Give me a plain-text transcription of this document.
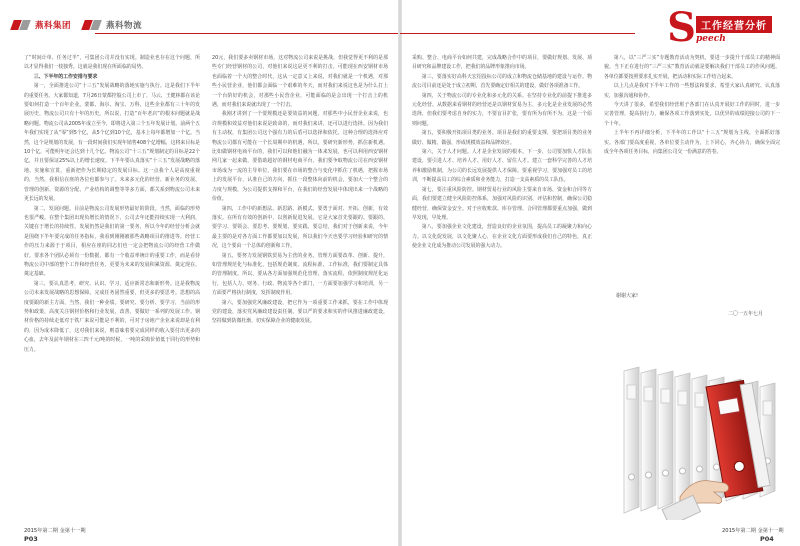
燕科集团	燕科物流

了“时间计单、任务过半”，可集团公司并没有实现。制造业也存在这个问题，所以才显得我们一枝独秀。这就是我们现在所面临的局势。

三、下半年的工作安排与要求

第一，全面推进公司“十三五”发展战略的落地实施与执行。这是我们下半年的重要任务。大家都知道，7月26日蒙都控股公司上市了，马云、王健林都在该论要如何打造一个百年企业。蒙都、海尔、淘宝、万科，这些企业都有三十年的发展历史，物流公司只有十年的历史。所以说，打造“百年老店”的根本问题就是战略问题。物流公司从2005年成立至今，即将进入第三个五年发展计划。前两个五年我们实现了从“零”到5个亿，从5个亿到10个亿，基本上每年都增加一个亿。当然，这个是规划的发展，有一段时间我们实现年销售408个亿增幅，这将来目标是10个亿，可能明年还会达到十几个亿。物流公司“十三五”规划制定的目标是22个亿，并且要保证25%以上的增长速度。下半年要认真落实“十三五”发展战略的落地、实施和宣贯，重新把作为长期稳定的发展目标。这一点我个人是高度重视的，当然，我相信在座的各位也都参与了。未来多元化的经营、新业务的发展、管理的创新、资源的分配、产业结构的调整等等多方面，都关系到物流公司未来更长远的发展。

第二，发展问题。目前是物流公司发展形势最好的阶段。当然，面临的形势也很严峻。在整个集团出现负增长的情况下，公司去年还能持续实现一大利润，关键在于增长的持续性。发展仍然是我们的第一要务，所以今年的经营分析会就是围绕下半年要完成的任务指标，我看到刚刚被那些战略项目的推进等。经营工作的压力来源于于项目，相应在座的同志们也一定会把物流公司的经营工作做好。要求各个团队必须有一份数据，都有一个收益率统计的重要工作，而是看待物流公司中部的整个工作和经营任务，更要为未来的发展积累资源、奠定现在、奠定基础。

第三，要认真思考，研究、认识、学习，适应新常态和新形势。这是我物流公司未来发展战略的思想保障。完成任务固然重要，但更多的要思考。思想的高度要跟的新主方面，当然，我们一种业绩。要研究、要分析、要学习，当前的形势和政策，高度关注钢材价格和行业发展，改善，要做好一系列的发展工作。钢材价格的持续走低对于铁厂来说可能是不利的，可对于房地产企业来说却是有利的，因为成本降低了，这对我们来说，则意味着要完成同样的收入要付出更多的心血，去年及前年钢材在三四千元/吨的时候，一吨的采购价值低于同行的形势和压力。

20元，我们要多卖钢材市场，这对物流公司来说是挑战，但我觉得更不利的是那些专门经营钢材的公司，对他们来说这是更不利的打击。可能现在西安钢材市场也面临着一个大的整合时代，这从一定意义上来说，对我们就是一个机遇，对那些小民营企业，他们都会面临一个艰难的冬天，而对我们来说这也是为什么打上一个台阶好的机会，对那些小民营企业，可能面临的是会出现一个打击上的机遇，而对我们来说就出现了一个打击。

我刚才讲到了一个要规模还是要效益的问题，对那些中小民营企业来说，也许规模和效益对他们来说是致命的，而对我们来讲，还可以进行选择。因为我们有主动权，有集团公司这个强有力的后盾可以选择和依托，这种合理的选择应对物流公司都有可能在一个长周期中的机遇，所以，要研究新形势，抓住新机遇。比如做钢材电商平台的，我们可以和他们融为一体来发展，也可以利用西安钢材网几家一起来做，要借助超好的钢材电商平台，我们要争取物流公司在西安钢材市场成为一流的主导单位，我们要在市场的整合与变化中抓住了机遇，把握市场上的发展平台，认准自己的方向，抓住一段整体向前的机会，要加大一个整合的力度与规模，为公司提供支撑和平台，在我们的经营发展中体现出来一个战略的价值。

第四，工作中的新想法、新思路、新模式。要勇于面对、开拓、创新，有效落实。在所有有效的创新中，以创新促进发展。它是大家首先要跟的、要跟的、要学习、要领会、要思考、要规划、要实践、要总结，我们对于创新来说，今年最主要的是对各方面工作都要加以发展，所以我们今天也要学习经验和研究的情况，这个要由一个总体的创新和工作。

第五，要努力发展钢铁贸易为主营的业务。管理方面要改革、创新、提升，如管理规范化与标准化，包括规范制度、流程标准、工作标准，我们要制定具体的管理制度。所以，要从各方面加强规范化管理，落实流程，依照制度规范化运行，包括人力、财务、行政、物流等各个部门，一方面要加强学习和培训，另一方面要严格执行制度，发挥制度作用。

第六，要加强党风廉政建设，把它作为一项重要工作来抓，要在工作中体现党的建设，落实党风廉政建设责任制。要以严的要求和实的作风推进廉政建设，坚持做到防微杜渐，切实保障企业的健康发展。

2015年第二期 金第十一期
P03
S 工作经营分析
peech

采购、整合、电商平台如何共建，完成战略合作中的项目，要做好规划、发展、项目研究和品牌建设工作，把我们的品牌形象推向市场。

第三，要落实好高科天宏招投标公司的成立和物流仓储基地的建设与运作。物流公司目前还是处于成立初期，首先要确定好相关的建设，做好各项准备工作。

第四，关于物流公司的专业化和多元化的关系。在坚持专业化的前提下推进多元化经营。从数据来看钢材的经营还是以钢材贸易为主，多元化是企业发展的必然选择，但我们要考虑自身的实力，不要盲目扩张，要有所为有所不为，这是一个原则问题。

第五，要积极开拓项目类的业务。项目是我们的重要支撑，要把项目类的业务做好、做精、做强，形成规模效益和品牌效应。

第六，关于人才问题。人才是企业发展的根本。下一步，公司要加快人才队伍建设，要引进人才、培养人才、用好人才、留住人才。建立一套科学完善的人才培养和激励机制，为公司的长远发展提供人才保障。要重视学习，要加强对员工的培训，不断提高员工的综合素质和业务能力，打造一支高素质的员工队伍。

第七，要注重风险防控。钢材贸易行业的风险主要来自市场、资金和合同等方面，我们要建立健全风险防控体系，加强对风险的识别、评估和控制，确保公司稳健经营，确保资金安全。对于应收账款、库存管理、合同管理都要重点加强，做到早发现、早处理。

第八，要加强企业文化建设，营造良好的企业氛围，提高员工的凝聚力和向心力。以文化促发展，以文化聚人心，在企业文化方面要形成我们自己的特色，真正使企业文化成为推动公司发展的强大动力。

第八，以“三严三实”专题教育活动为契机，要进一步提升干部员工的精神面貌。当下正在进行的“三严三实”教育活动就是要解决我们干部员工的作风问题。各单位都要按照要求扎实开展，把活动和实际工作结合起来。

以上几点是我对下半年工作的一些想法和要求，希望大家认真研究、认真落实，加强沟通和协作。

今天讲了很多，希望我们经营班子各部门在认真开展好工作的同时，进一步完善管理，提高执行力，确保各项工作落到实处，以优异的成绩迎接公司的下一个十年。

上半年不再详细分析，下半年的工作以“十三五”规划为主线，全面抓好落实。各部门要高度重视，各单位要主动作为，上下同心，齐心协力，确保全面完成全年各项任务目标，向集团公司交一份满意的答卷。

谢谢大家!
二〇一五年七月
2015年第二期 金第十一期
P04
